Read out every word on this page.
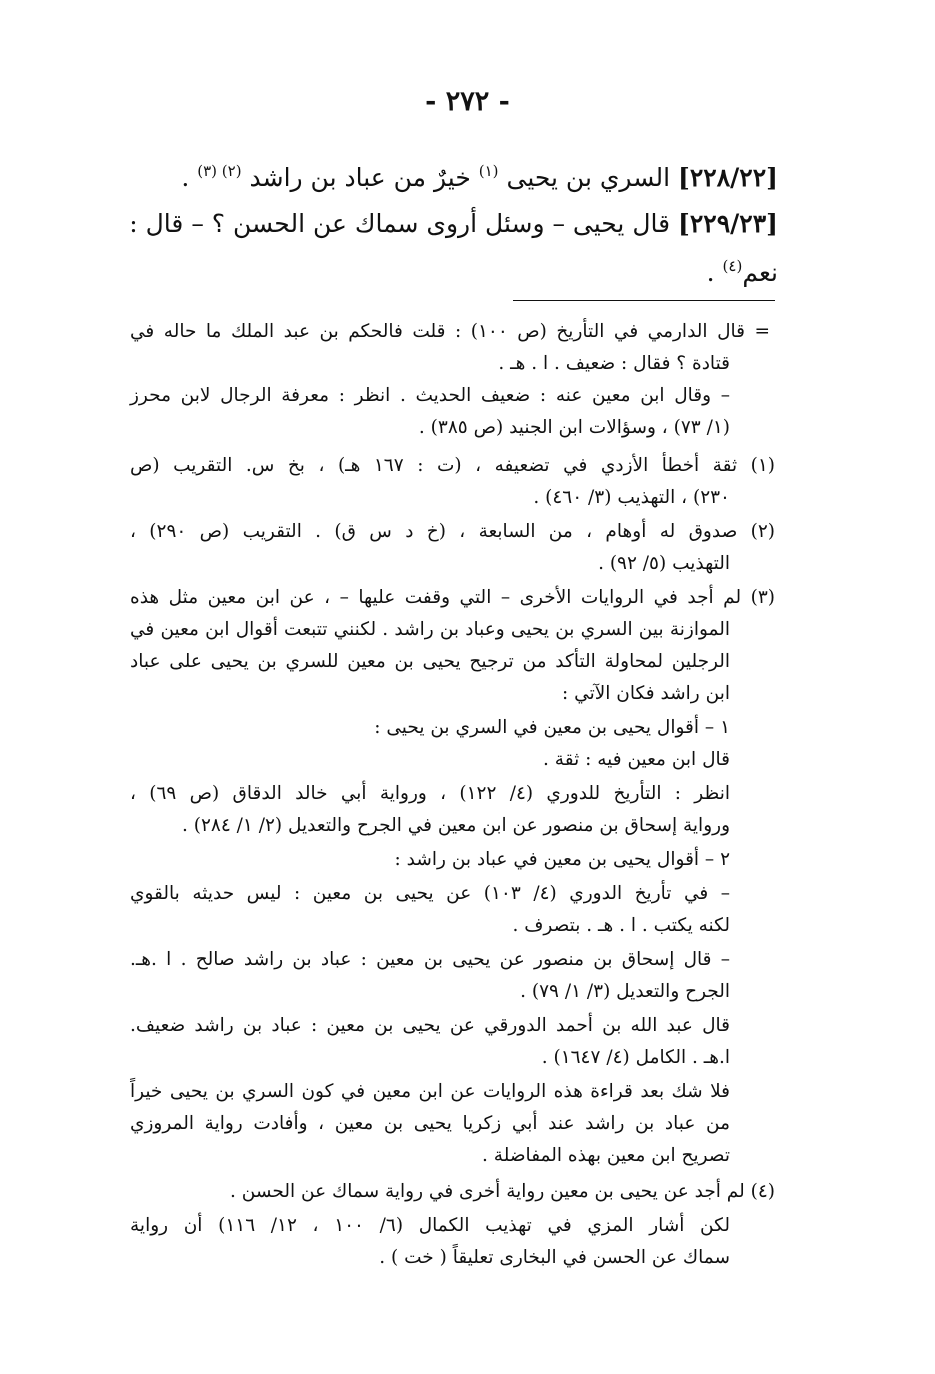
- ٢٧٢ -
[٢٢٨/٢٢] السري بن يحيى $^{(١)}$ خيرٌ من عباد بن راشد $^{(٢) (٣)}$ .
[٢٢٩/٢٣] قال يحيى – وسئل أروى سماك عن الحسن ؟ – قال :
نعم$^{(٤)}$ .
= قال الدارمي في التأريخ (ص ١٠٠) : قلت فالحكم بن عبد الملك ما حاله في
قتادة ؟ فقال : ضعيف . ا . هـ .
– وقال ابن معين عنه : ضعيف الحديث . انظر : معرفة الرجال لابن محرز
(١/ ٧٣) ، وسؤالات ابن الجنيد (ص ٣٨٥) .
(١) ثقة أخطأ الأزدي في تضعيفه ، (ت : ١٦٧ هـ) ، بخ س. التقريب (ص
٢٣٠) ، التهذيب (٣/ ٤٦٠) .
(٢) صدوق له أوهام ، من السابعة ، (خ د س ق) . التقريب (ص ٢٩٠) ،
التهذيب (٥/ ٩٢) .
(٣) لم أجد في الروايات الأخرى – التي وقفت عليها – ، عن ابن معين مثل هذه
الموازنة بين السري بن يحيى وعباد بن راشد . لكنني تتبعت أقوال ابن معين في
الرجلين لمحاولة التأكد من ترجيح يحيى بن معين للسري بن يحيى على عباد
ابن راشد فكان الآتي :
١ – أقوال يحيى بن معين في السري بن يحيى :
قال ابن معين فيه : ثقة .
انظر : التأريخ للدوري (٤/ ١٢٢) ، ورواية أبي خالد الدقاق (ص ٦٩) ،
ورواية إسحاق بن منصور عن ابن معين في الجرح والتعديل (٢/ ١/ ٢٨٤) .
٢ – أقوال يحيى بن معين في عباد بن راشد :
– في تأريخ الدوري (٤/ ١٠٣) عن يحيى بن معين : ليس حديثه بالقوي
لكنه يكتب . ا . هـ . بتصرف .
– قال إسحاق بن منصور عن يحيى بن معين : عباد بن راشد صالح . ا .هـ.
الجرح والتعديل (٣/ ١/ ٧٩) .
قال عبد الله بن أحمد الدورقي عن يحيى بن معين : عباد بن راشد ضعيف.
ا.هـ . الكامل (٤/ ١٦٤٧) .
فلا شك بعد قراءة هذه الروايات عن ابن معين في كون السري بن يحيى خيراً
من عباد بن راشد عند أبي زكريا يحيى بن معين ، وأفادت رواية المروزي
تصريح ابن معين بهذه المفاضلة .
(٤) لم أجد عن يحيى بن معين رواية أخرى في رواية سماك عن الحسن .
لكن أشار المزي في تهذيب الكمال (٦/ ١٠٠ ، ١٢/ ١١٦) أن رواية
سماك عن الحسن في البخارى تعليقاً ( خت ) .
